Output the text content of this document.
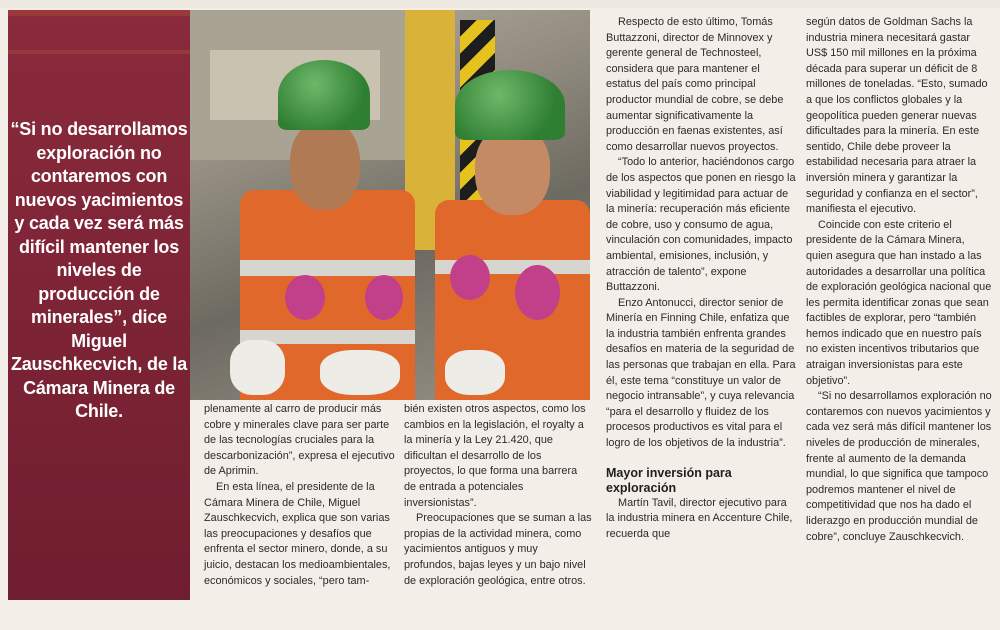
“Si no desarrollamos exploración no contaremos con nuevos yacimientos y cada vez será más difícil mantener los niveles de producción de minerales”, dice Miguel Zauschkecvich, de la Cámara Minera de Chile.	plenamente al carro de producir más cobre y minerales clave para ser parte de las tecnologías cruciales para la descarbonización”, expresa el ejecutivo de Aprimin.

En esta línea, el presidente de la Cámara Minera de Chile, Miguel Zauschkecvich, explica que son varias las preocupaciones y desafíos que enfrenta el sector minero, donde, a su juicio, destacan los medioambientales, económicos y sociales, “pero tam-

bién existen otros aspectos, como los cambios en la legislación, el royalty a la minería y la Ley 21.420, que dificultan el desarrollo de los proyectos, lo que forma una barrera de entrada a potenciales inversionistas”.

Preocupaciones que se suman a las propias de la actividad minera, como yacimientos antiguos y muy profundos, bajas leyes y un bajo nivel de exploración geológica, entre otros.

Respecto de esto último, Tomás Buttazzoni, director de Minnovex y gerente general de Technosteel, considera que para mantener el estatus del país como principal productor mundial de cobre, se debe aumentar significativamente la producción en faenas existentes, así como desarrollar nuevos proyectos.

“Todo lo anterior, haciéndonos cargo de los aspectos que ponen en riesgo la viabilidad y legitimidad para actuar de la minería: recuperación más eficiente de cobre, uso y consumo de agua, vinculación con comunidades, impacto ambiental, emisiones, inclusión, y atracción de talento”, expone Buttazzoni.

Enzo Antonucci, director senior de Minería en Finning Chile, enfatiza que la industria también enfrenta grandes desafíos en materia de la seguridad de las personas que trabajan en ella. Para él, este tema “constituye un valor de negocio intransable”, y cuya relevancia “para el desarrollo y fluidez de los procesos productivos es vital para el logro de los objetivos de la industria”.

Mayor inversión para exploración

Martín Tavil, director ejecutivo para la industria minera en Accenture Chile, recuerda que

según datos de Goldman Sachs la industria minera necesitará gastar US$ 150 mil millones en la próxima década para superar un déficit de 8 millones de toneladas. “Esto, sumado a que los conflictos globales y la geopolítica pueden generar nuevas dificultades para la minería. En este sentido, Chile debe proveer la estabilidad necesaria para atraer la inversión minera y garantizar la seguridad y confianza en el sector”, manifiesta el ejecutivo.

Coincide con este criterio el presidente de la Cámara Minera, quien asegura que han instado a las autoridades a desarrollar una política de exploración geológica nacional que les permita identificar zonas que sean factibles de explorar, pero “también hemos indicado que en nuestro país no existen incentivos tributarios que atraigan inversionistas para este objetivo”.

“Si no desarrollamos exploración no contaremos con nuevos yacimientos y cada vez será más difícil mantener los niveles de producción de minerales, frente al aumento de la demanda mundial, lo que significa que tampoco podremos mantener el nivel de competitividad que nos ha dado el liderazgo en producción mundial de cobre”, concluye Zauschkecvich.
